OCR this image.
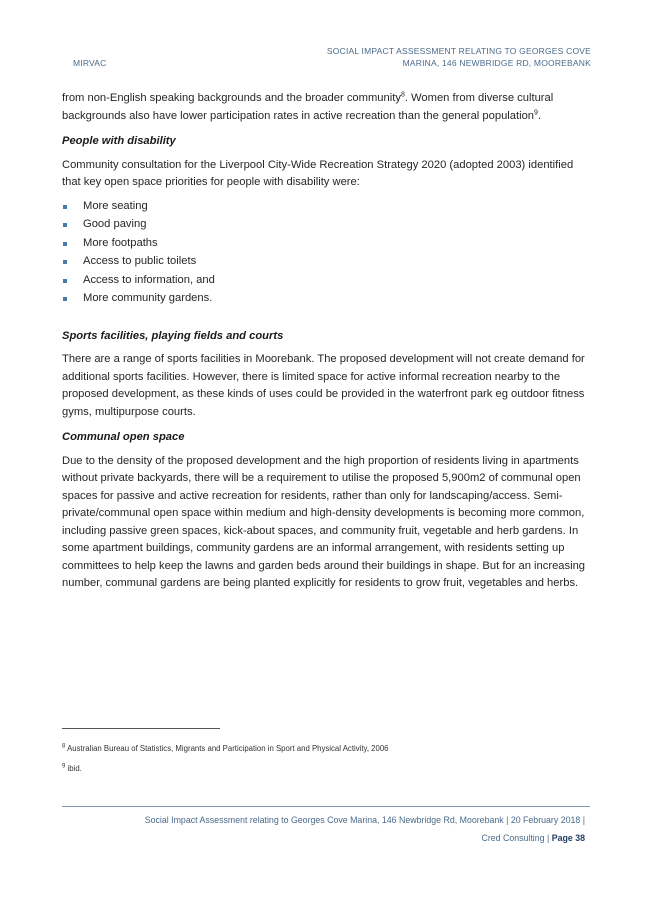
MIRVAC
SOCIAL IMPACT ASSESSMENT RELATING TO GEORGES COVE
MARINA, 146 NEWBRIDGE RD, MOOREBANK

from non-English speaking backgrounds and the broader community$^8$. Women from diverse cultural backgrounds also have lower participation rates in active recreation than the general population$^9$.

People with disability

Community consultation for the Liverpool City-Wide Recreation Strategy 2020 (adopted 2003) identified that key open space priorities for people with disability were:

More seating
Good paving
More footpaths
Access to public toilets
Access to information, and
More community gardens.
Sports facilities, playing fields and courts

There are a range of sports facilities in Moorebank. The proposed development will not create demand for additional sports facilities. However, there is limited space for active informal recreation nearby to the proposed development, as these kinds of uses could be provided in the waterfront park eg outdoor fitness gyms, multipurpose courts.

Communal open space

Due to the density of the proposed development and the high proportion of residents living in apartments without private backyards, there will be a requirement to utilise the proposed 5,900m2 of communal open spaces for passive and active recreation for residents, rather than only for landscaping/access. Semi-private/communal open space within medium and high-density developments is becoming more common, including passive green spaces, kick-about spaces, and community fruit, vegetable and herb gardens. In some apartment buildings, community gardens are an informal arrangement, with residents setting up committees to help keep the lawns and garden beds around their buildings in shape. But for an increasing number, communal gardens are being planted explicitly for residents to grow fruit, vegetables and herbs.

$^8$ Australian Bureau of Statistics, Migrants and Participation in Sport and Physical Activity, 2006
$^9$ ibid.
Social Impact Assessment relating to Georges Cove Marina, 146 Newbridge Rd, Moorebank | 20 February 2018 |
Cred Consulting | Page 38
